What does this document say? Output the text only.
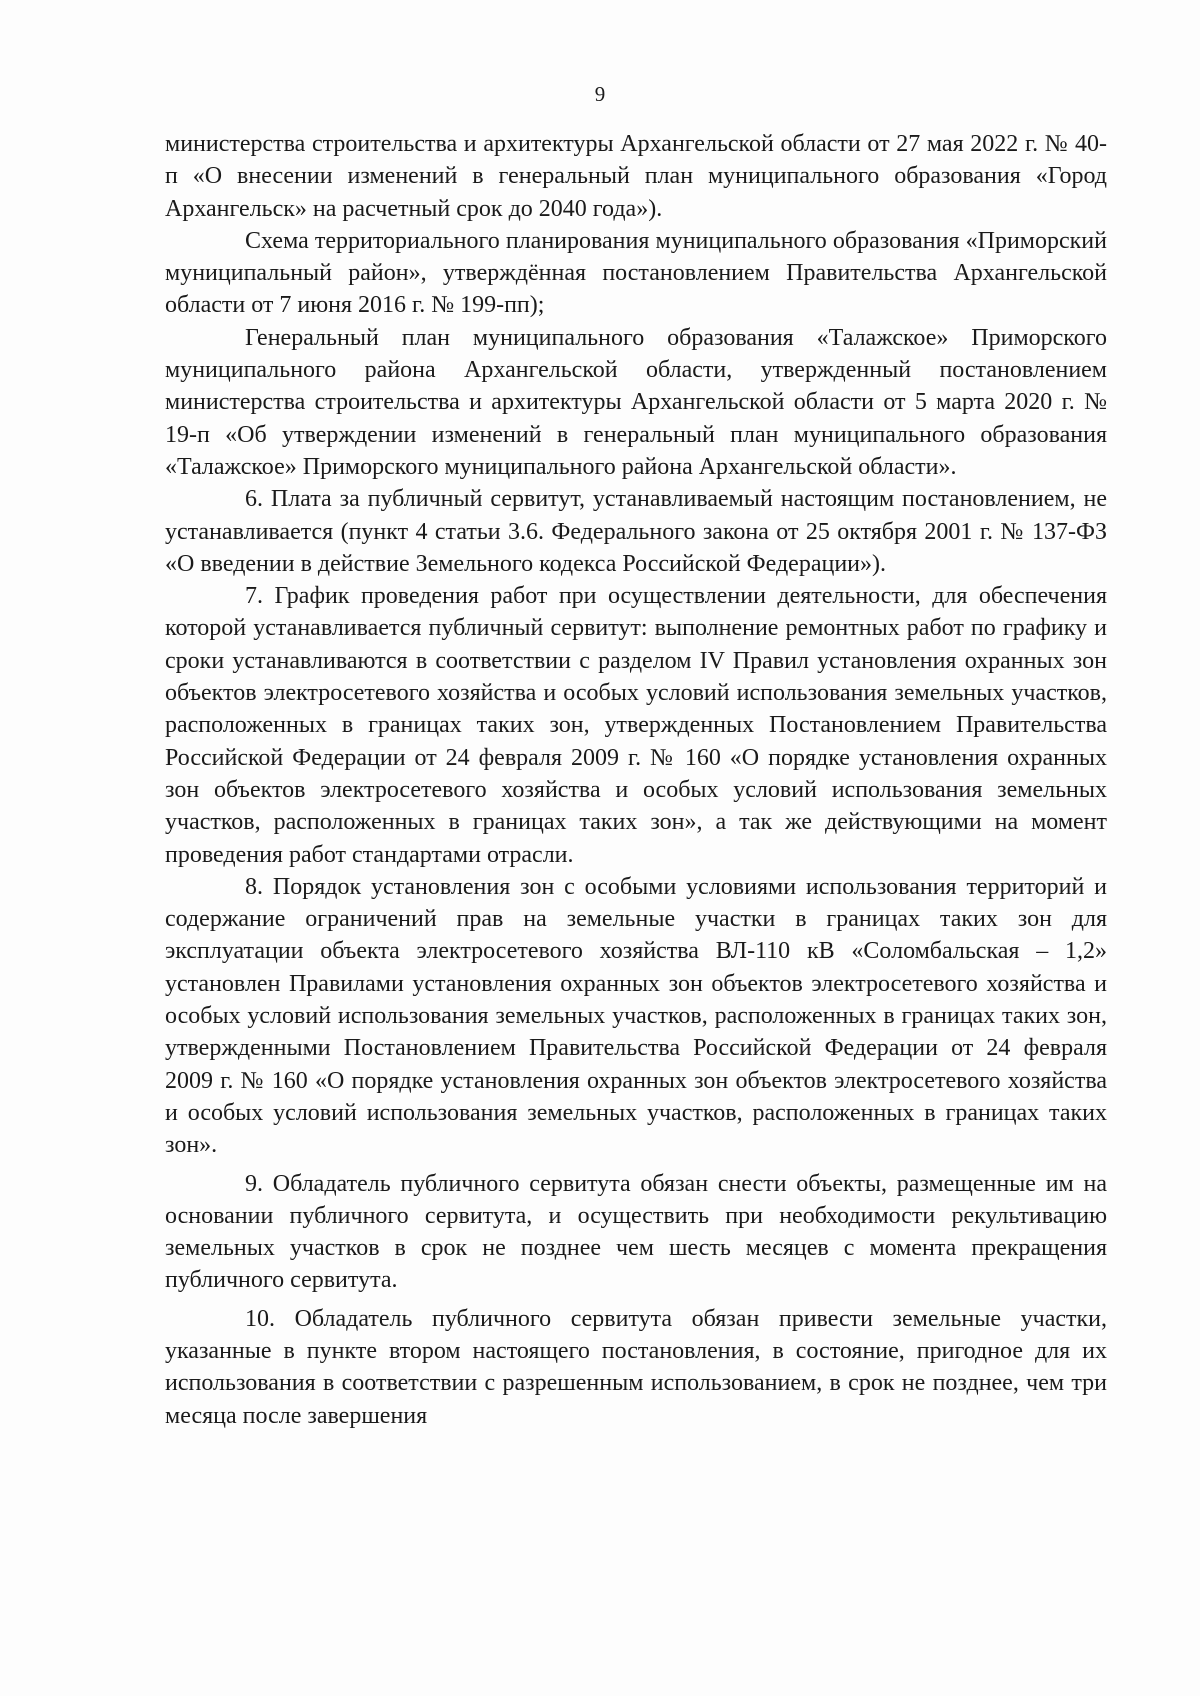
9

министерства строительства и архитектуры Архангельской области от 27 мая 2022 г. № 40-п «О внесении изменений в генеральный план муниципального образования «Город Архангельск» на расчетный срок до 2040 года»).

Схема территориального планирования муниципального образования «Приморский муниципальный район», утверждённая постановлением Правительства Архангельской области от 7 июня 2016 г. № 199-пп);

Генеральный план муниципального образования «Талажское» Приморского муниципального района Архангельской области, утвержденный постановлением министерства строительства и архитектуры Архангельской области от 5 марта 2020 г. № 19-п «Об утверждении изменений в генеральный план муниципального образования «Талажское» Приморского муниципального района Архангельской области».

6. Плата за публичный сервитут, устанавливаемый настоящим постановлением, не устанавливается (пункт 4 статьи 3.6. Федерального закона от 25 октября 2001 г. № 137-ФЗ «О введении в действие Земельного кодекса Российской Федерации»).

7. График проведения работ при осуществлении деятельности, для обеспечения которой устанавливается публичный сервитут: выполнение ремонтных работ по графику и сроки устанавливаются в соответствии с разделом IV Правил установления охранных зон объектов электросетевого хозяйства и особых условий использования земельных участков, расположенных в границах таких зон, утвержденных Постановлением Правительства Российской Федерации от 24 февраля 2009 г. № 160 «О порядке установления охранных зон объектов электросетевого хозяйства и особых условий использования земельных участков, расположенных в границах таких зон», а так же действующими на момент проведения работ стандартами отрасли.

8. Порядок установления зон с особыми условиями использования территорий и содержание ограничений прав на земельные участки в границах таких зон для эксплуатации объекта электросетевого хозяйства ВЛ-110 кВ «Соломбальская – 1,2» установлен Правилами установления охранных зон объектов электросетевого хозяйства и особых условий использования земельных участков, расположенных в границах таких зон, утвержденными Постановлением Правительства Российской Федерации от 24 февраля 2009 г. № 160 «О порядке установления охранных зон объектов электросетевого хозяйства и особых условий использования земельных участков, расположенных в границах таких зон».

9. Обладатель публичного сервитута обязан снести объекты, размещенные им на основании публичного сервитута, и осуществить при необходимости рекультивацию земельных участков в срок не позднее чем шесть месяцев с момента прекращения публичного сервитута.

10. Обладатель публичного сервитута обязан привести земельные участки, указанные в пункте втором настоящего постановления, в состояние, пригодное для их использования в соответствии с разрешенным использованием, в срок не позднее, чем три месяца после завершения
